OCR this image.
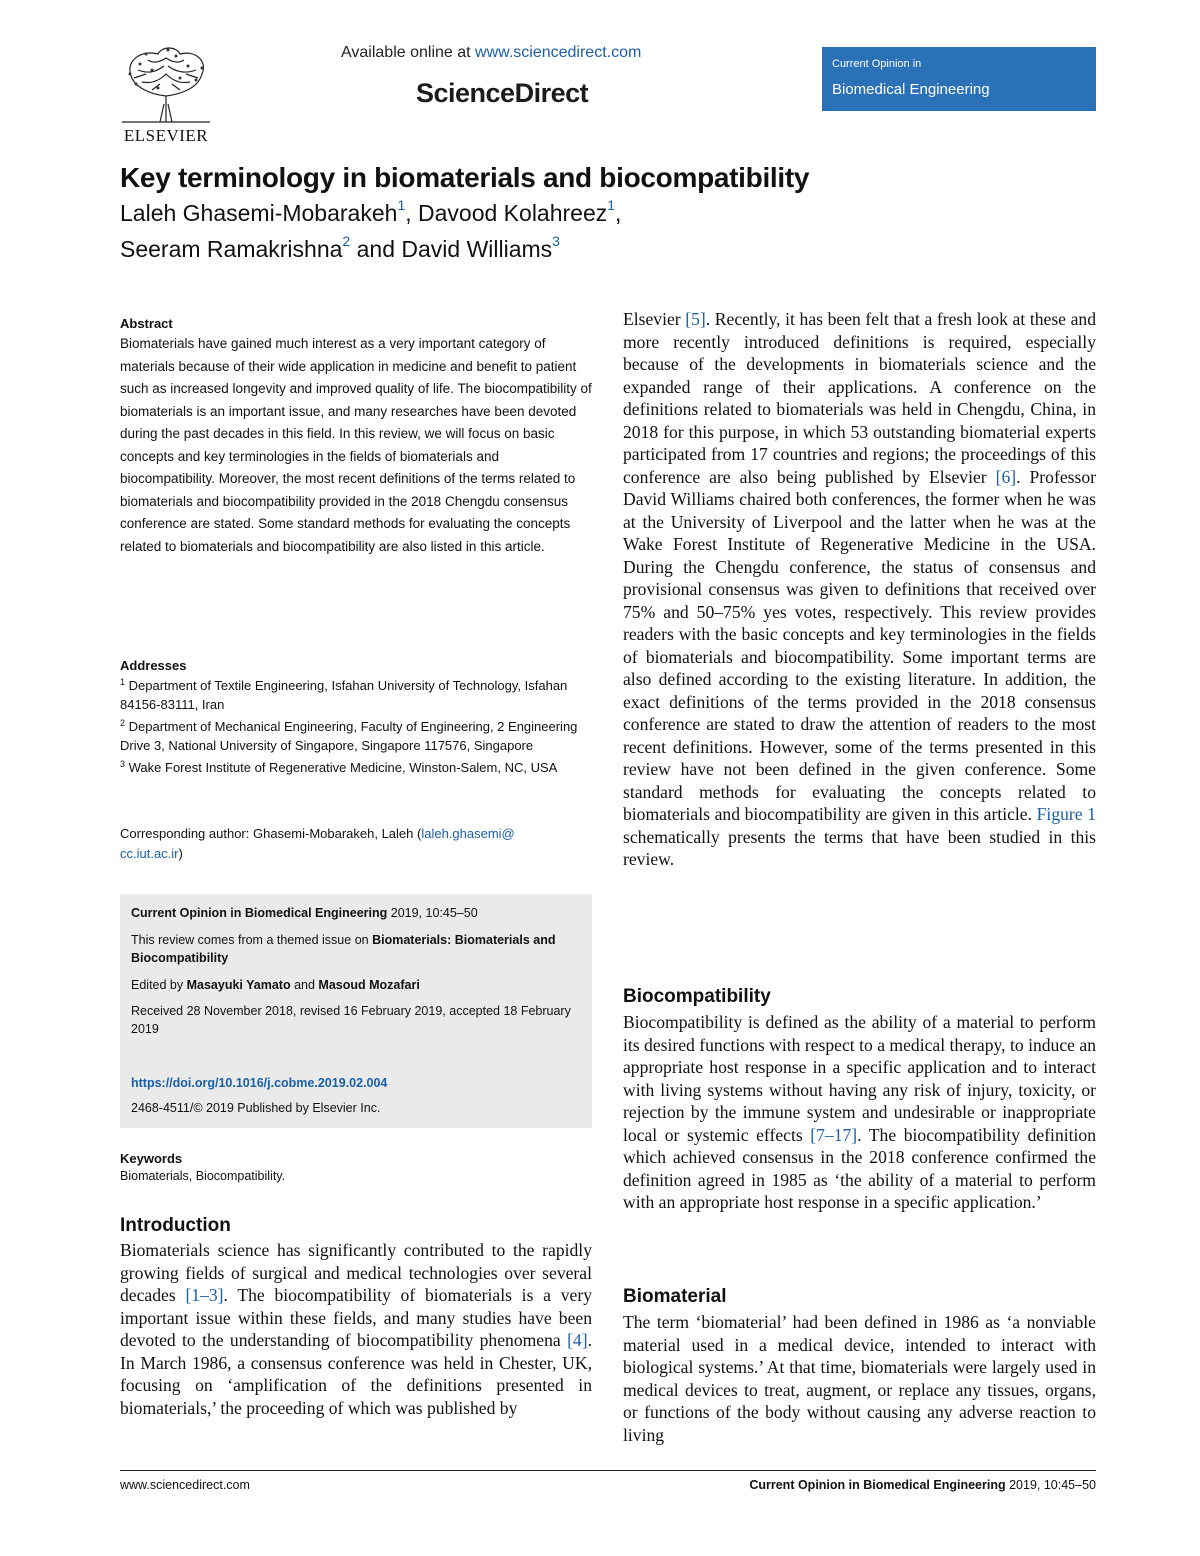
ELSEVIER
Available online at www.sciencedirect.com
ScienceDirect
Current Opinion in
Biomedical Engineering
Key terminology in biomaterials and biocompatibility
Laleh Ghasemi-Mobarakeh$^1$, Davood Kolahreez$^1$,
Seeram Ramakrishna$^2$ and David Williams$^3$

Abstract

Biomaterials have gained much interest as a very important category of materials because of their wide application in medicine and benefit to patient such as increased longevity and improved quality of life. The biocompatibility of biomaterials is an important issue, and many researches have been devoted during the past decades in this field. In this review, we will focus on basic concepts and key terminologies in the fields of biomaterials and biocompatibility. Moreover, the most recent definitions of the terms related to biomaterials and biocompatibility provided in the 2018 Chengdu consensus conference are stated. Some standard methods for evaluating the concepts related to biomaterials and biocompatibility are also listed in this article.

Addresses

$^1$ Department of Textile Engineering, Isfahan University of Technology, Isfahan 84156-83111, Iran

$^2$ Department of Mechanical Engineering, Faculty of Engineering, 2 Engineering Drive 3, National University of Singapore, Singapore 117576, Singapore

$^3$ Wake Forest Institute of Regenerative Medicine, Winston-Salem, NC, USA

Corresponding author: Ghasemi-Mobarakeh, Laleh (laleh.ghasemi@
cc.iut.ac.ir)
Current Opinion in Biomedical Engineering 2019, 10:45–50
This review comes from a themed issue on Biomaterials: Biomaterials and Biocompatibility
Edited by Masayuki Yamato and Masoud Mozafari
Received 28 November 2018, revised 16 February 2019, accepted 18 February 2019
https://doi.org/10.1016/j.cobme.2019.02.004
2468-4511/© 2019 Published by Elsevier Inc.

Keywords

Biomaterials, Biocompatibility.

Introduction

Biomaterials science has significantly contributed to the rapidly growing fields of surgical and medical technologies over several decades [1–3]. The biocompatibility of biomaterials is a very important issue within these fields, and many studies have been devoted to the understanding of biocompatibility phenomena [4]. In March 1986, a consensus conference was held in Chester, UK, focusing on ‘amplification of the definitions presented in biomaterials,’ the proceeding of which was published by

Elsevier [5]. Recently, it has been felt that a fresh look at these and more recently introduced definitions is required, especially because of the developments in biomaterials science and the expanded range of their applications. A conference on the definitions related to biomaterials was held in Chengdu, China, in 2018 for this purpose, in which 53 outstanding biomaterial experts participated from 17 countries and regions; the proceedings of this conference are also being published by Elsevier [6]. Professor David Williams chaired both conferences, the former when he was at the University of Liverpool and the latter when he was at the Wake Forest Institute of Regenerative Medicine in the USA. During the Chengdu conference, the status of consensus and provisional consensus was given to definitions that received over 75% and 50–75% yes votes, respectively. This review provides readers with the basic concepts and key terminologies in the fields of biomaterials and biocompatibility. Some important terms are also defined according to the existing literature. In addition, the exact definitions of the terms provided in the 2018 consensus conference are stated to draw the attention of readers to the most recent definitions. However, some of the terms presented in this review have not been defined in the given conference. Some standard methods for evaluating the concepts related to biomaterials and biocompatibility are given in this article. Figure 1 schematically presents the terms that have been studied in this review.

Biocompatibility

Biocompatibility is defined as the ability of a material to perform its desired functions with respect to a medical therapy, to induce an appropriate host response in a specific application and to interact with living systems without having any risk of injury, toxicity, or rejection by the immune system and undesirable or inappropriate local or systemic effects [7–17]. The biocompatibility definition which achieved consensus in the 2018 conference confirmed the definition agreed in 1985 as ‘the ability of a material to perform with an appropriate host response in a specific application.’

Biomaterial

The term ‘biomaterial’ had been defined in 1986 as ‘a nonviable material used in a medical device, intended to interact with biological systems.’ At that time, biomaterials were largely used in medical devices to treat, augment, or replace any tissues, organs, or functions of the body without causing any adverse reaction to living

www.sciencedirect.com	Current Opinion in Biomedical Engineering 2019, 10:45–50
